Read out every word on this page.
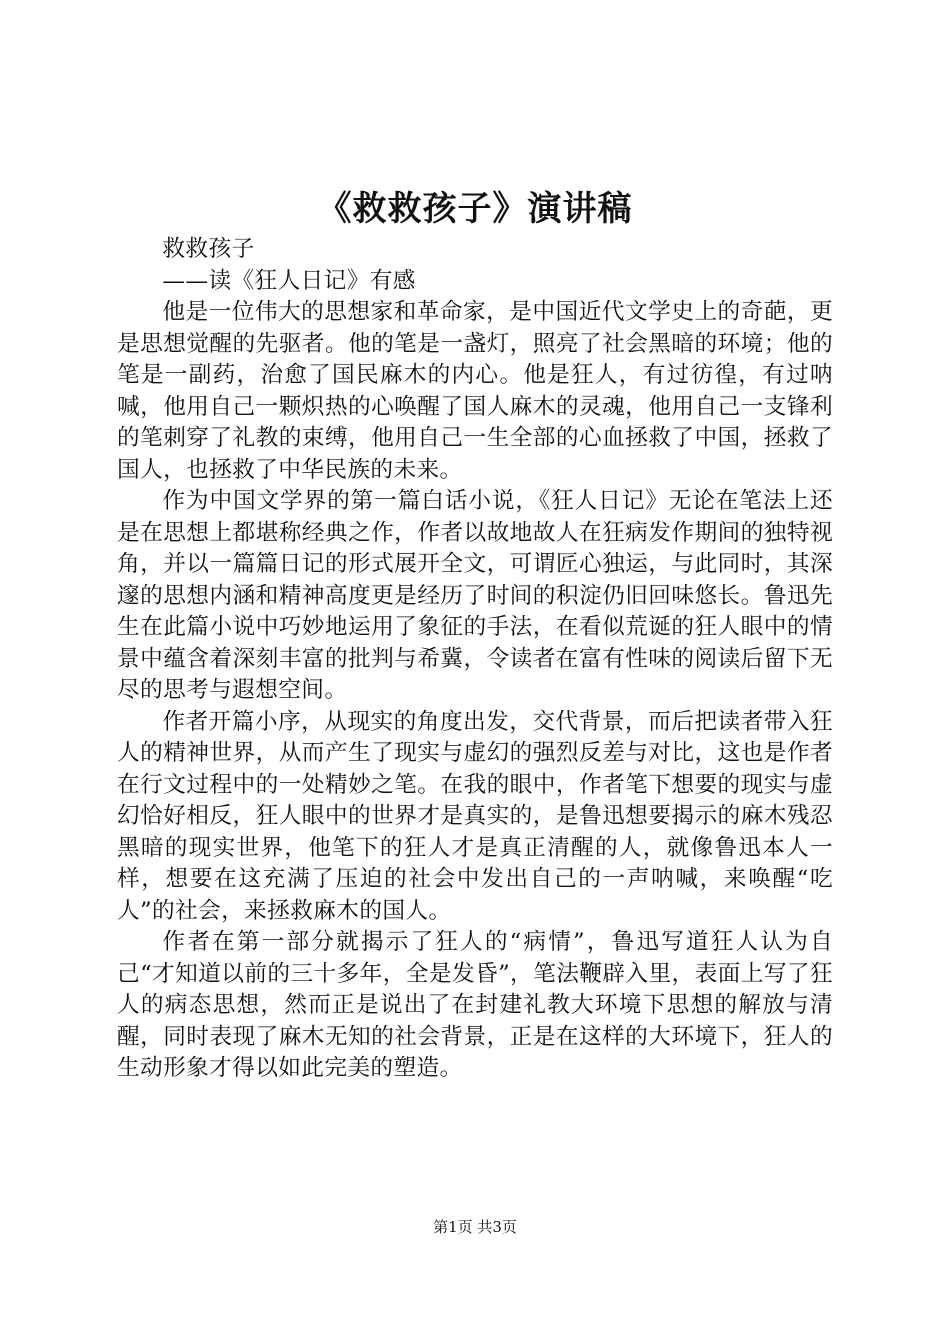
《救救孩子》演讲稿

救救孩子

——读《狂人日记》有感

他是一位伟大的思想家和革命家，是中国近代文学史上的奇葩，更是思想觉醒的先驱者。他的笔是一盏灯，照亮了社会黑暗的环境；他的笔是一副药，治愈了国民麻木的内心。他是狂人，有过彷徨，有过呐喊，他用自己一颗炽热的心唤醒了国人麻木的灵魂，他用自己一支锋利的笔刺穿了礼教的束缚，他用自己一生全部的心血拯救了中国，拯救了国人，也拯救了中华民族的未来。

作为中国文学界的第一篇白话小说，《狂人日记》无论在笔法上还是在思想上都堪称经典之作，作者以故地故人在狂病发作期间的独特视角，并以一篇篇日记的形式展开全文，可谓匠心独运，与此同时，其深邃的思想内涵和精神高度更是经历了时间的积淀仍旧回味悠长。鲁迅先生在此篇小说中巧妙地运用了象征的手法，在看似荒诞的狂人眼中的情景中蕴含着深刻丰富的批判与希冀，令读者在富有性味的阅读后留下无尽的思考与遐想空间。

作者开篇小序，从现实的角度出发，交代背景，而后把读者带入狂人的精神世界，从而产生了现实与虚幻的强烈反差与对比，这也是作者在行文过程中的一处精妙之笔。在我的眼中，作者笔下想要的现实与虚幻恰好相反，狂人眼中的世界才是真实的，是鲁迅想要揭示的麻木残忍黑暗的现实世界，他笔下的狂人才是真正清醒的人，就像鲁迅本人一样，想要在这充满了压迫的社会中发出自己的一声呐喊，来唤醒“吃人”的社会，来拯救麻木的国人。

作者在第一部分就揭示了狂人的“病情”，鲁迅写道狂人认为自己“才知道以前的三十多年，全是发昏”，笔法鞭辟入里，表面上写了狂人的病态思想，然而正是说出了在封建礼教大环境下思想的解放与清醒，同时表现了麻木无知的社会背景，正是在这样的大环境下，狂人的生动形象才得以如此完美的塑造。

第1页 共3页
